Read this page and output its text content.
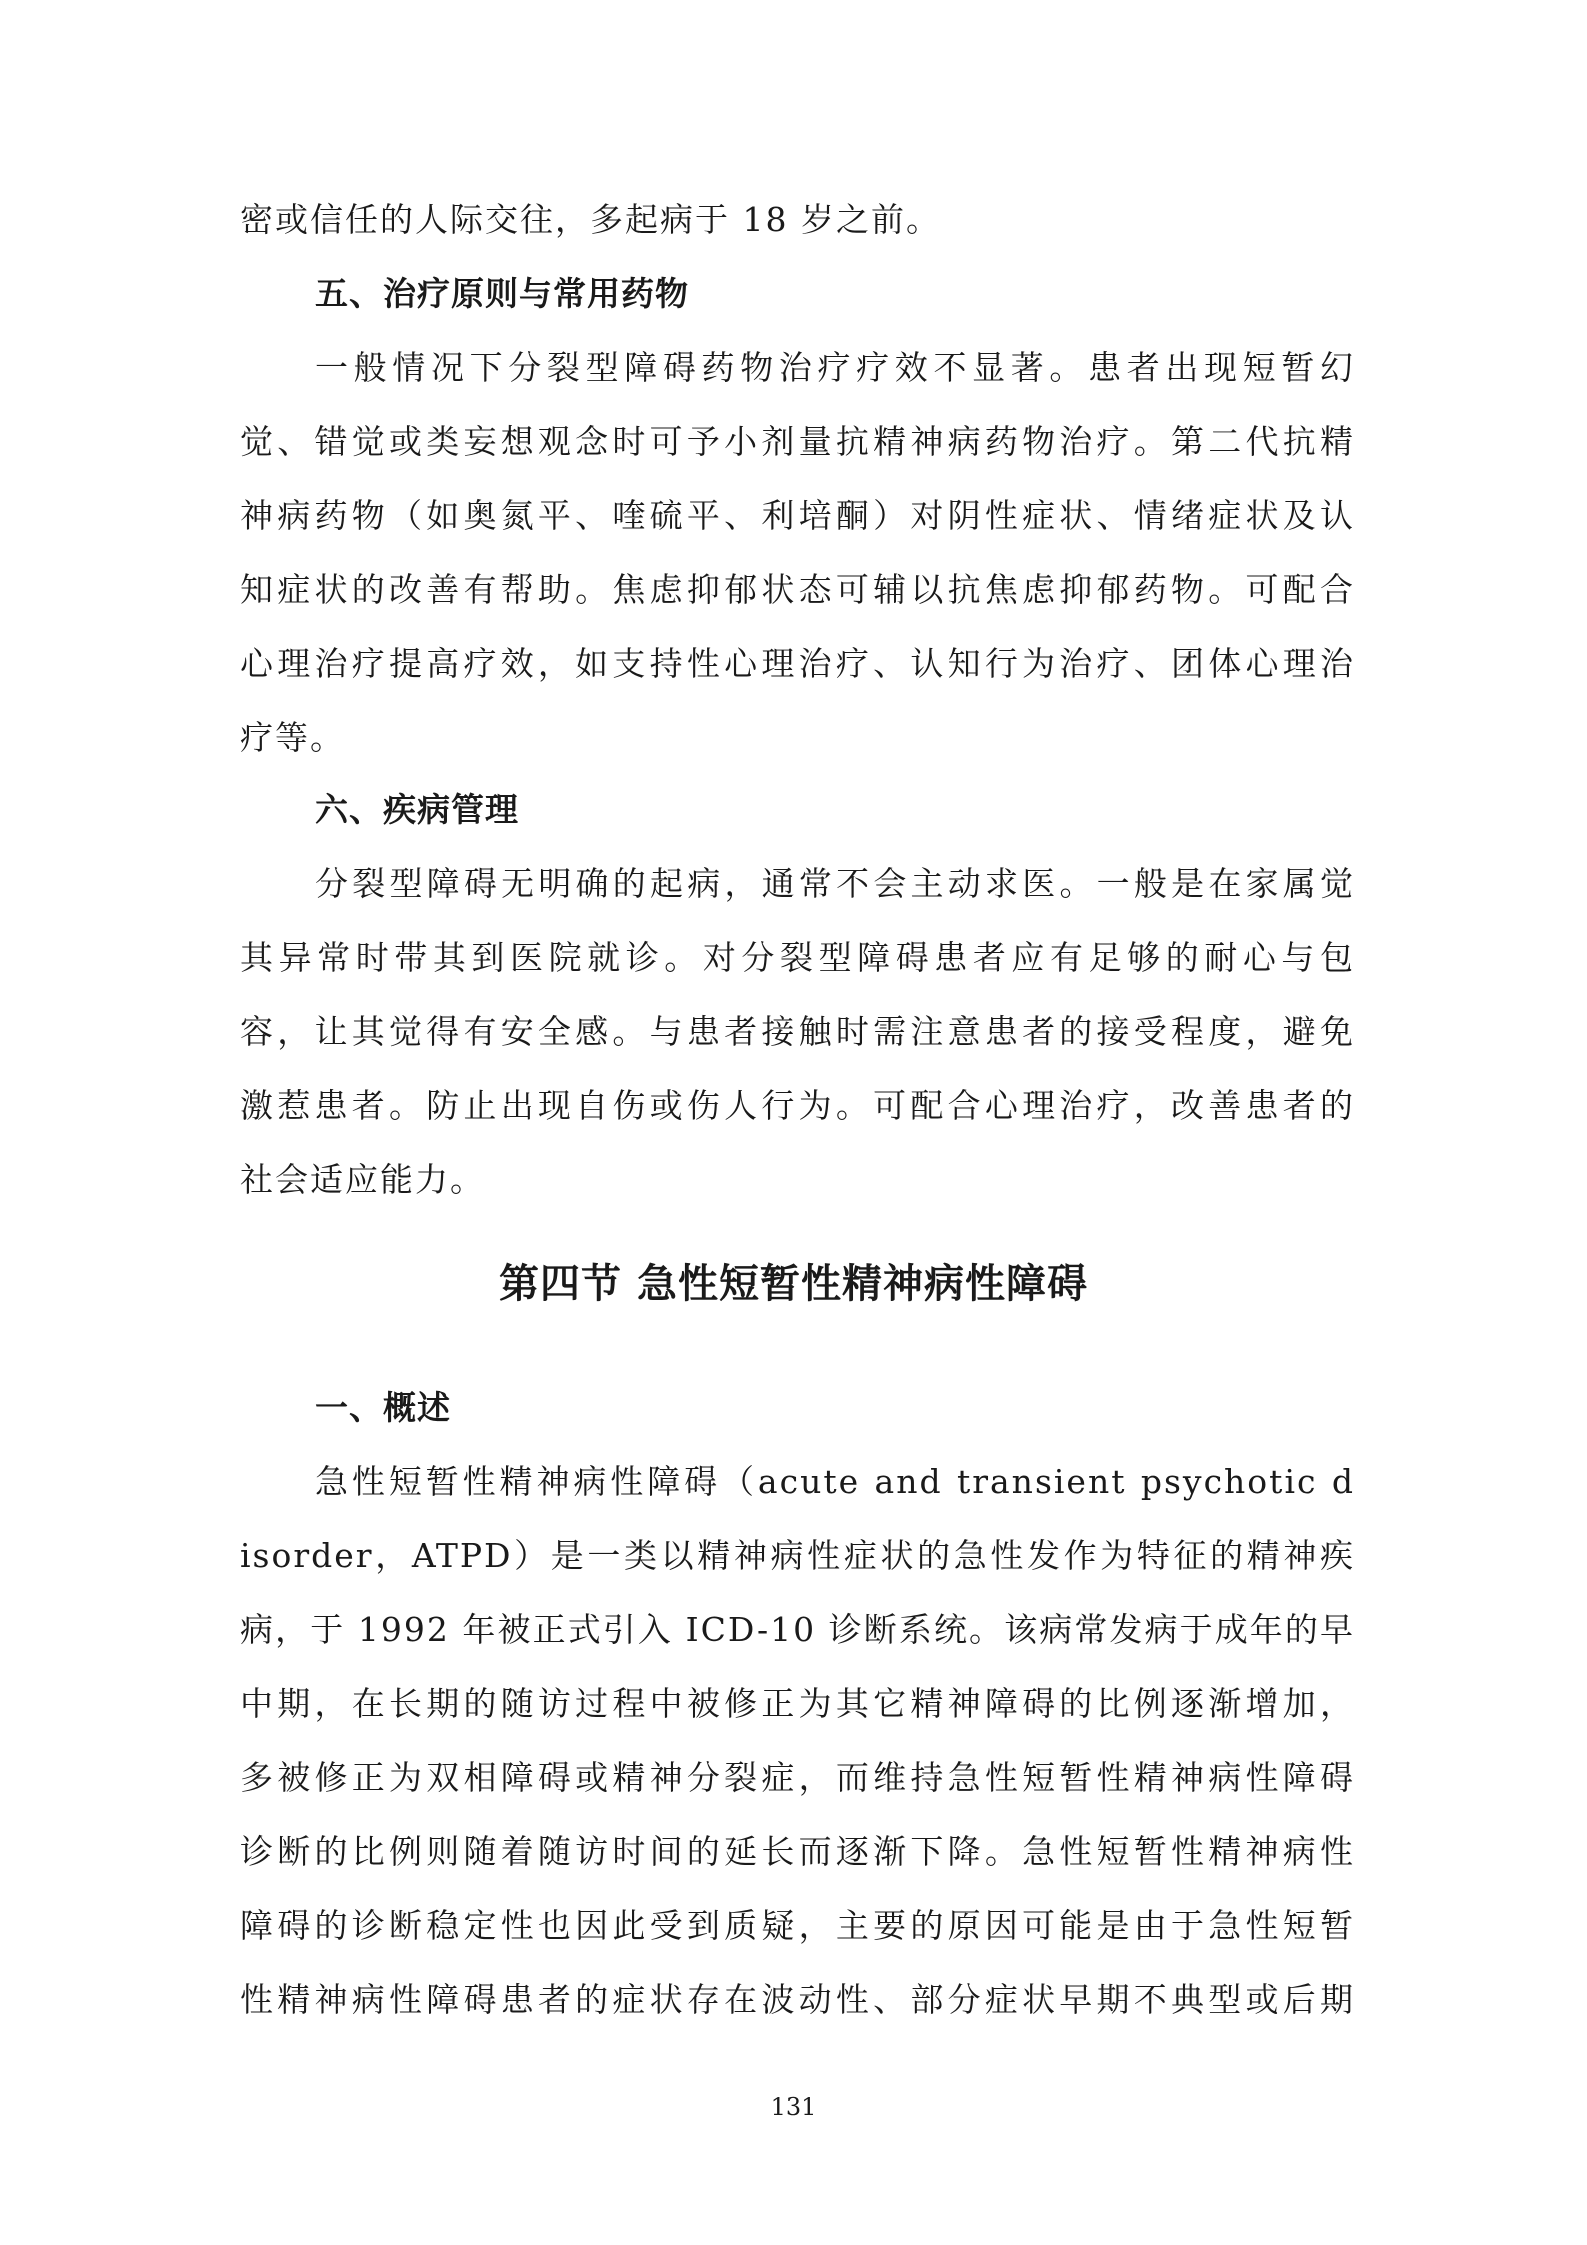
密或信任的人际交往，多起病于 18 岁之前。
五、治疗原则与常用药物
一般情况下分裂型障碍药物治疗疗效不显著。患者出现短暂幻
觉、错觉或类妄想观念时可予小剂量抗精神病药物治疗。第二代抗精
神病药物（如奥氮平、喹硫平、利培酮）对阴性症状、情绪症状及认
知症状的改善有帮助。焦虑抑郁状态可辅以抗焦虑抑郁药物。可配合
心理治疗提高疗效，如支持性心理治疗、认知行为治疗、团体心理治
疗等。
六、疾病管理
分裂型障碍无明确的起病，通常不会主动求医。一般是在家属觉
其异常时带其到医院就诊。对分裂型障碍患者应有足够的耐心与包
容，让其觉得有安全感。与患者接触时需注意患者的接受程度，避免
激惹患者。防止出现自伤或伤人行为。可配合心理治疗，改善患者的
社会适应能力。
第四节 急性短暂性精神病性障碍
一、概述
急性短暂性精神病性障碍（acute and transient psychotic d
isorder，ATPD）是一类以精神病性症状的急性发作为特征的精神疾
病，于 1992 年被正式引入 ICD-10 诊断系统。该病常发病于成年的早
中期，在长期的随访过程中被修正为其它精神障碍的比例逐渐增加，
多被修正为双相障碍或精神分裂症，而维持急性短暂性精神病性障碍
诊断的比例则随着随访时间的延长而逐渐下降。急性短暂性精神病性
障碍的诊断稳定性也因此受到质疑，主要的原因可能是由于急性短暂
性精神病性障碍患者的症状存在波动性、部分症状早期不典型或后期
131
